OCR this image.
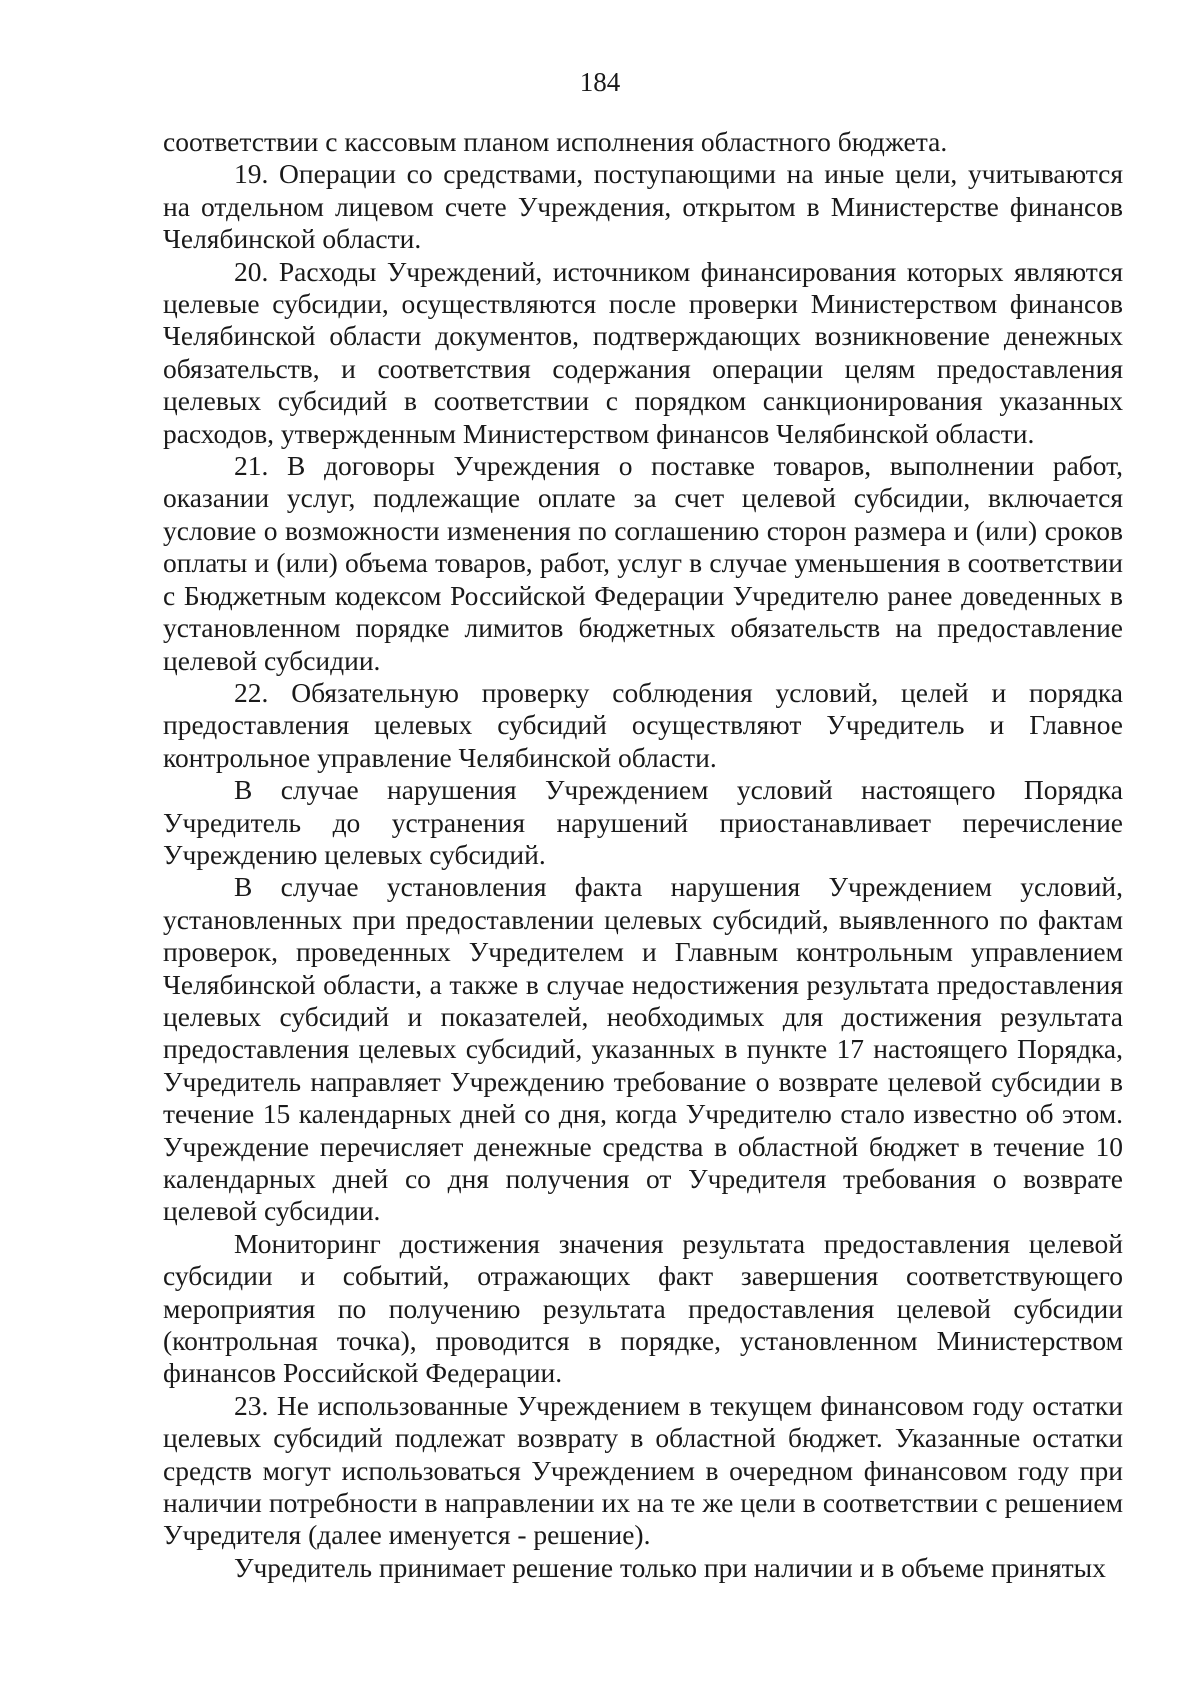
184

соответствии с кассовым планом исполнения областного бюджета.

19. Операции со средствами, поступающими на иные цели, учитываются на отдельном лицевом счете Учреждения, открытом в Министерстве финансов Челябинской области.

20. Расходы Учреждений, источником финансирования которых являются целевые субсидии, осуществляются после проверки Министерством финансов Челябинской области документов, подтверждающих возникновение денежных обязательств, и соответствия содержания операции целям предоставления целевых субсидий в соответствии с порядком санкционирования указанных расходов, утвержденным Министерством финансов Челябинской области.

21. В договоры Учреждения о поставке товаров, выполнении работ, оказании услуг, подлежащие оплате за счет целевой субсидии, включается условие о возможности изменения по соглашению сторон размера и (или) сроков оплаты и (или) объема товаров, работ, услуг в случае уменьшения в соответствии с Бюджетным кодексом Российской Федерации Учредителю ранее доведенных в установленном порядке лимитов бюджетных обязательств на предоставление целевой субсидии.

22. Обязательную проверку соблюдения условий, целей и порядка предоставления целевых субсидий осуществляют Учредитель и Главное контрольное управление Челябинской области.

В случае нарушения Учреждением условий настоящего Порядка Учредитель до устранения нарушений приостанавливает перечисление Учреждению целевых субсидий.

В случае установления факта нарушения Учреждением условий, установленных при предоставлении целевых субсидий, выявленного по фактам проверок, проведенных Учредителем и Главным контрольным управлением Челябинской области, а также в случае недостижения результата предоставления целевых субсидий и показателей, необходимых для достижения результата предоставления целевых субсидий, указанных в пункте 17 настоящего Порядка, Учредитель направляет Учреждению требование о возврате целевой субсидии в течение 15 календарных дней со дня, когда Учредителю стало известно об этом. Учреждение перечисляет денежные средства в областной бюджет в течение 10 календарных дней со дня получения от Учредителя требования о возврате целевой субсидии.

Мониторинг достижения значения результата предоставления целевой субсидии и событий, отражающих факт завершения соответствующего мероприятия по получению результата предоставления целевой субсидии (контрольная точка), проводится в порядке, установленном Министерством финансов Российской Федерации.

23. Не использованные Учреждением в текущем финансовом году остатки целевых субсидий подлежат возврату в областной бюджет. Указанные остатки средств могут использоваться Учреждением в очередном финансовом году при наличии потребности в направлении их на те же цели в соответствии с решением Учредителя (далее именуется - решение).

Учредитель принимает решение только при наличии и в объеме принятых
